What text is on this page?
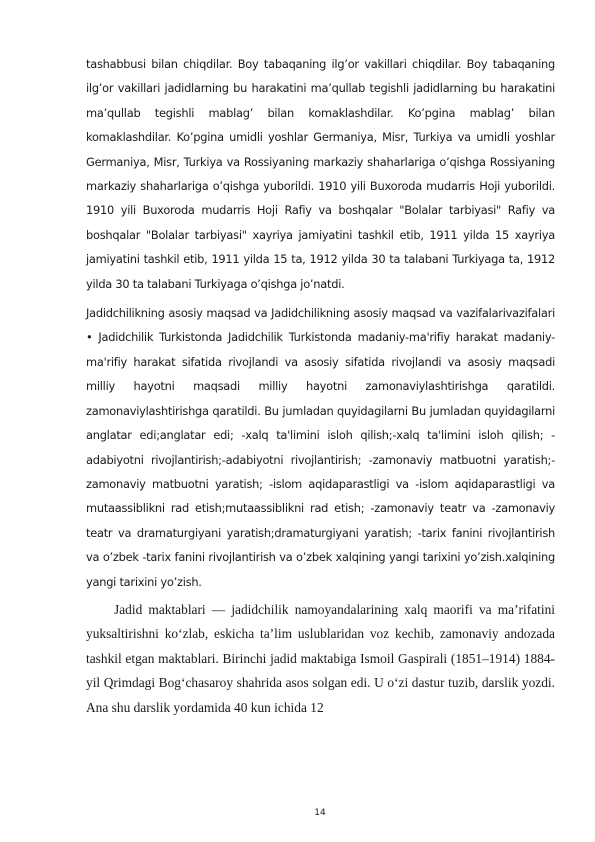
tashabbusi bilan chiqdilar. Boy tabaqaning ilg’or vakillari chiqdilar. Boy tabaqaning ilg’or vakillari jadidlarning bu harakatini ma’qullab tegishli jadidlarning bu harakatini ma’qullab tegishli mablag’ bilan komaklashdilar. Ko’pgina mablag’ bilan komaklashdilar. Ko’pgina umidli yoshlar Germaniya, Misr, Turkiya va umidli yoshlar Germaniya, Misr, Turkiya va Rossiyaning markaziy shaharlariga o’qishga Rossiyaning markaziy shaharlariga o’qishga yuborildi. 1910 yili Buxoroda mudarris Hoji yuborildi. 1910 yili Buxoroda mudarris Hoji Rafiy va boshqalar "Bolalar tarbiyasi" Rafiy va boshqalar "Bolalar tarbiyasi" xayriya jamiyatini tashkil etib, 1911 yilda 15 xayriya jamiyatini tashkil etib, 1911 yilda 15 ta, 1912 yilda 30 ta talabani Turkiyaga ta, 1912 yilda 30 ta talabani Turkiyaga o’qishga jo’natdi.

Jadidchilikning asosiy maqsad va Jadidchilikning asosiy maqsad va vazifalarivazifalari • Jadidchilik Turkistonda Jadidchilik Turkistonda madaniy-ma'rifiy harakat madaniy-ma'rifiy harakat sifatida rivojlandi va asosiy sifatida rivojlandi va asosiy maqsadi milliy hayotni maqsadi milliy hayotni zamonaviylashtirishga qaratildi. zamonaviylashtirishga qaratildi. Bu jumladan quyidagilarni Bu jumladan quyidagilarni anglatar edi;anglatar edi; -xalq ta'limini isloh qilish;-xalq ta'limini isloh qilish; -adabiyotni rivojlantirish;-adabiyotni rivojlantirish; -zamonaviy matbuotni yaratish;-zamonaviy matbuotni yaratish; -islom aqidaparastligi va -islom aqidaparastligi va mutaassiblikni rad etish;mutaassiblikni rad etish; -zamonaviy teatr va -zamonaviy teatr va dramaturgiyani yaratish;dramaturgiyani yaratish; -tarix fanini rivojlantirish va o’zbek -tarix fanini rivojlantirish va o’zbek xalqining yangi tarixini yo’zish.xalqining yangi tarixini yo’zish.

Jadid maktablari — jadidchilik namoyandalarining xalq maorifi va maʼrifatini yuksaltirishni koʻzlab, eskicha taʼlim uslublaridan voz kechib, zamonaviy andozada tashkil etgan maktablari. Birinchi jadid maktabiga Ismoil Gaspirali (1851–1914) 1884-yil Qrimdagi Bogʻchasaroy shahrida asos solgan edi. U oʻzi dastur tuzib, darslik yozdi. Ana shu darslik yordamida 40 kun ichida 12

14
